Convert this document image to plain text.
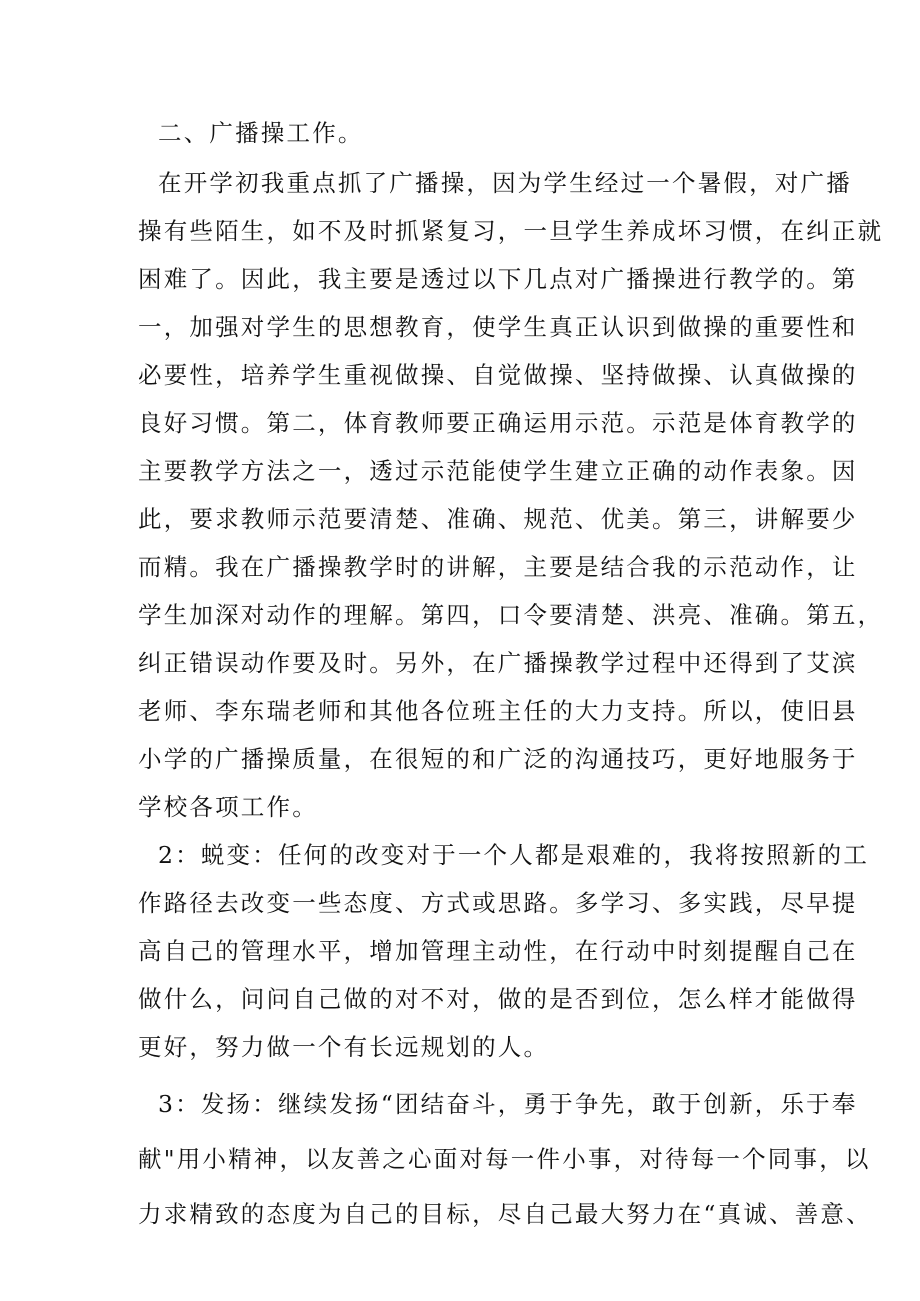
二、广播操工作。
在开学初我重点抓了广播操，因为学生经过一个暑假，对广播
操有些陌生，如不及时抓紧复习，一旦学生养成坏习惯，在纠正就
困难了。因此，我主要是透过以下几点对广播操进行教学的。第
一，加强对学生的思想教育，使学生真正认识到做操的重要性和
必要性，培养学生重视做操、自觉做操、坚持做操、认真做操的
良好习惯。第二，体育教师要正确运用示范。示范是体育教学的
主要教学方法之一，透过示范能使学生建立正确的动作表象。因
此，要求教师示范要清楚、准确、规范、优美。第三，讲解要少
而精。我在广播操教学时的讲解，主要是结合我的示范动作，让
学生加深对动作的理解。第四，口令要清楚、洪亮、准确。第五，
纠正错误动作要及时。另外，在广播操教学过程中还得到了艾滨
老师、李东瑞老师和其他各位班主任的大力支持。所以，使旧县
小学的广播操质量，在很短的和广泛的沟通技巧，更好地服务于
学校各项工作。
2：蜕变：任何的改变对于一个人都是艰难的，我将按照新的工
作路径去改变一些态度、方式或思路。多学习、多实践，尽早提
高自己的管理水平，增加管理主动性，在行动中时刻提醒自己在
做什么，问问自己做的对不对，做的是否到位，怎么样才能做得
更好，努力做一个有长远规划的人。
3：发扬：继续发扬“团结奋斗，勇于争先，敢于创新，乐于奉
献"用小精神，以友善之心面对每一件小事，对待每一个同事，以
力求精致的态度为自己的目标，尽自己最大努力在“真诚、善意、
